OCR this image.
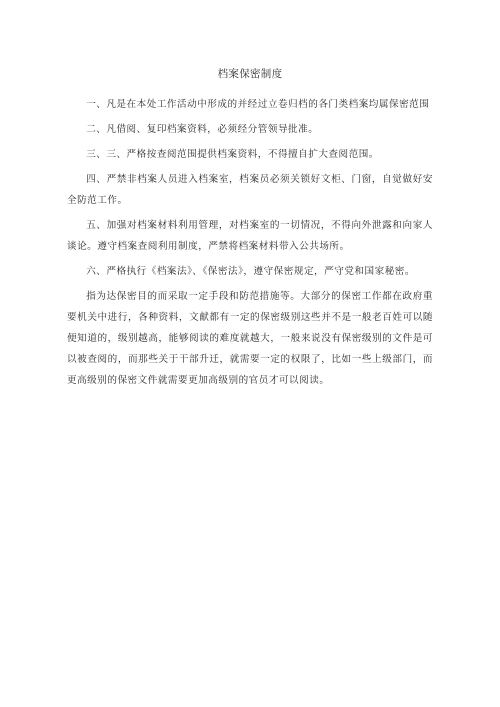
档案保密制度

一、凡是在本处工作活动中形成的并经过立卷归档的各门类档案均属保密范围

二、凡借阅、复印档案资料，必须经分管领导批准。

三、三、严格按查阅范围提供档案资料，不得擅自扩大查阅范围。

四、严禁非档案人员进入档案室，档案员必须关锁好文柜、门窗，自觉做好安全防范工作。

五、加强对档案材料利用管理，对档案室的一切情况，不得向外泄露和向家人谈论。遵守档案查阅利用制度，严禁将档案材料带入公共场所。

六、严格执行《档案法》、《保密法》，遵守保密规定，严守党和国家秘密。

指为达保密目的而采取一定手段和防范措施等。大部分的保密工作都在政府重要机关中进行，各种资料，文献都有一定的保密级别这些并不是一般老百姓可以随便知道的，级别越高，能够阅读的难度就越大，一般来说没有保密级别的文件是可以被查阅的，而那些关于干部升迁，就需要一定的权限了，比如一些上级部门，而更高级别的保密文件就需要更加高级别的官员才可以阅读。
